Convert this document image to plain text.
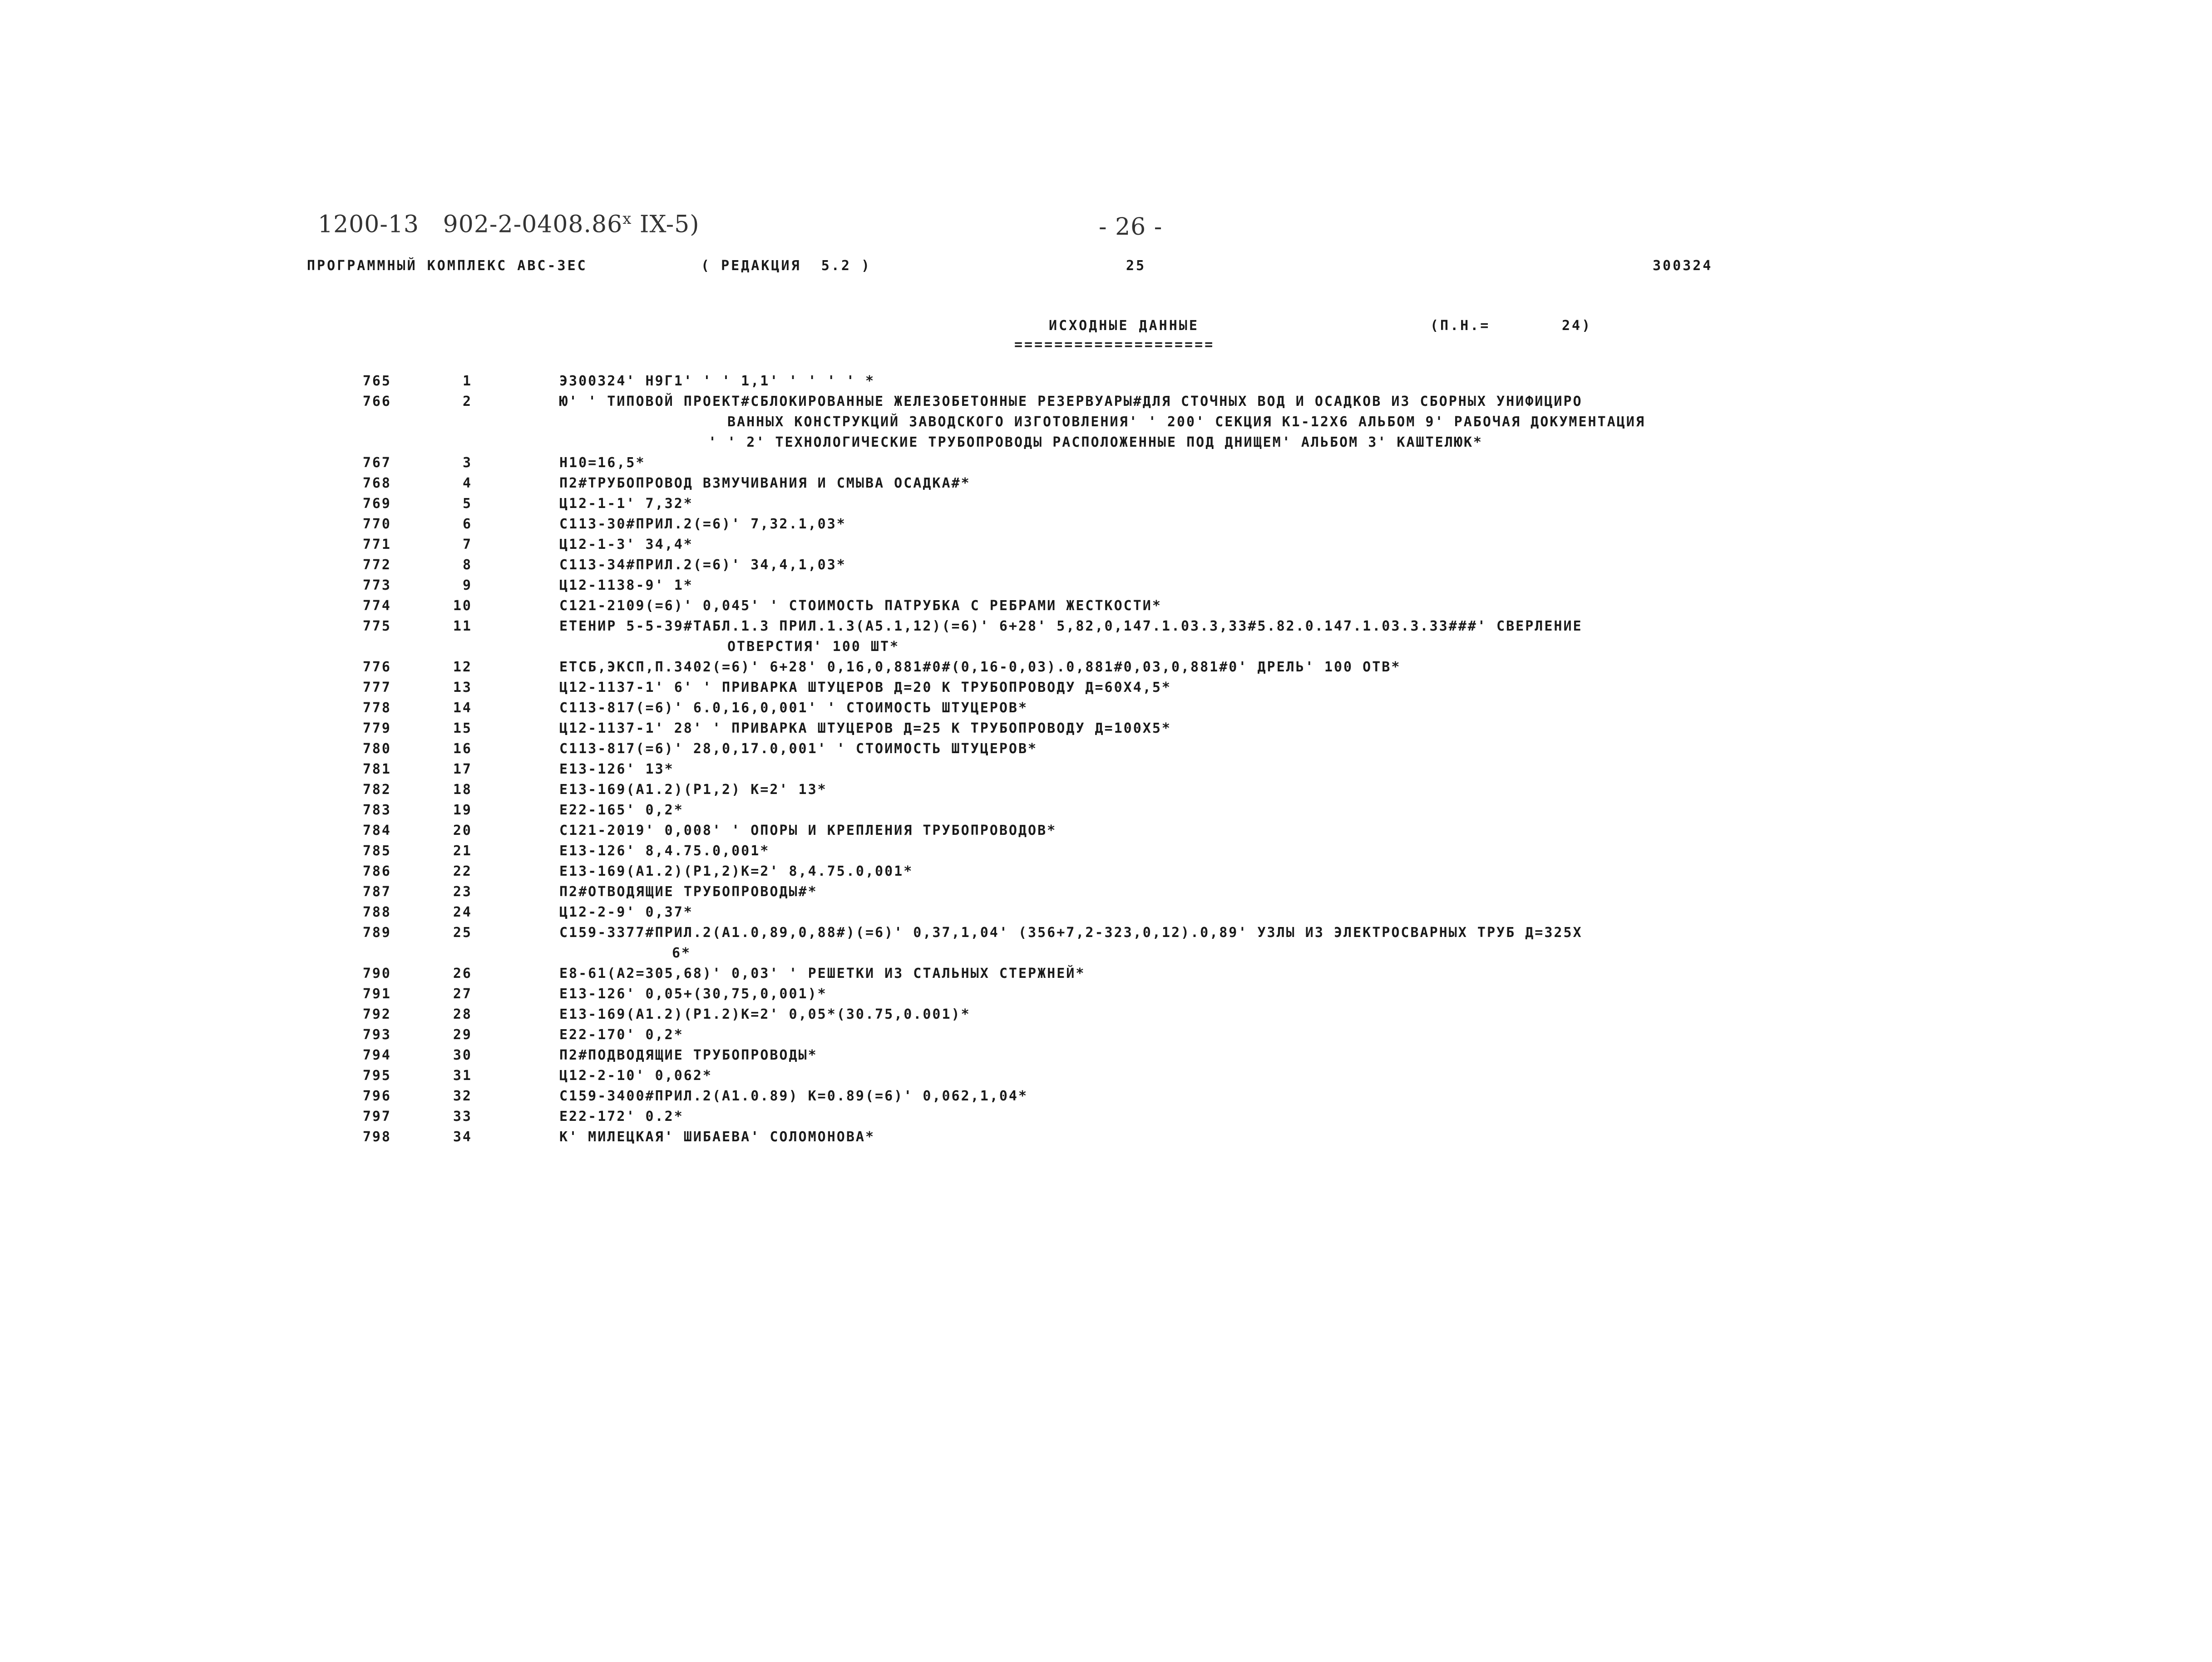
1200-13 902-2-0408.86$^x$ IX-5)	- 26 -
ПРОГРАММНЫЙ КОМПЛЕКС АВС-ЗЕС	( РЕДАКЦИЯ  5.2 )	25	300324
ИСХОДНЫЕ ДАННЫЕ
====================
(П.Н.=	24)
765	1	Э300324' Н9Г1' ' ' 1,1' ' ' ' ' *
766	2	Ю' ' ТИПОВОЙ ПРОЕКТ#СБЛОКИРОВАННЫЕ ЖЕЛЕЗОБЕТОННЫЕ РЕЗЕРВУАРЫ#ДЛЯ СТОЧНЫХ ВОД И ОСАДКОВ ИЗ СБОРНЫХ УНИФИЦИРО
ВАННЫХ КОНСТРУКЦИЙ ЗАВОДСКОГО ИЗГОТОВЛЕНИЯ' ' 200' СЕКЦИЯ К1-12Х6 АЛЬБОМ 9' РАБОЧАЯ ДОКУМЕНТАЦИЯ
' ' 2' ТЕХНОЛОГИЧЕСКИЕ ТРУБОПРОВОДЫ РАСПОЛОЖЕННЫЕ ПОД ДНИЩЕМ' АЛЬБОМ 3' КАШТЕЛЮК*
767	3	Н10=16,5*
768	4	П2#ТРУБОПРОВОД ВЗМУЧИВАНИЯ И СМЫВА ОСАДКА#*
769	5	Ц12-1-1' 7,32*
770	6	С113-30#ПРИЛ.2(=6)' 7,32.1,03*
771	7	Ц12-1-3' 34,4*
772	8	С113-34#ПРИЛ.2(=6)' 34,4,1,03*
773	9	Ц12-1138-9' 1*
774	10	С121-2109(=6)' 0,045' ' СТОИМОСТЬ ПАТРУБКА С РЕБРАМИ ЖЕСТКОСТИ*
775	11	ЕТЕНИР 5-5-39#ТАБЛ.1.3 ПРИЛ.1.3(А5.1,12)(=6)' 6+28' 5,82,0,147.1.03.3,33#5.82.0.147.1.03.3.33###' СВЕРЛЕНИЕ
ОТВЕРСТИЯ' 100 ШТ*
776	12	ЕТСБ,ЭКСП,П.3402(=6)' 6+28' 0,16,0,881#0#(0,16-0,03).0,881#0,03,0,881#0' ДРЕЛЬ' 100 ОТВ*
777	13	Ц12-1137-1' 6' ' ПРИВАРКА ШТУЦЕРОВ Д=20 К ТРУБОПРОВОДУ Д=60Х4,5*
778	14	С113-817(=6)' 6.0,16,0,001' ' СТОИМОСТЬ ШТУЦЕРОВ*
779	15	Ц12-1137-1' 28' ' ПРИВАРКА ШТУЦЕРОВ Д=25 К ТРУБОПРОВОДУ Д=100Х5*
780	16	С113-817(=6)' 28,0,17.0,001' ' СТОИМОСТЬ ШТУЦЕРОВ*
781	17	Е13-126' 13*
782	18	Е13-169(А1.2)(Р1,2) К=2' 13*
783	19	Е22-165' 0,2*
784	20	С121-2019' 0,008' ' ОПОРЫ И КРЕПЛЕНИЯ ТРУБОПРОВОДОВ*
785	21	Е13-126' 8,4.75.0,001*
786	22	Е13-169(А1.2)(Р1,2)К=2' 8,4.75.0,001*
787	23	П2#ОТВОДЯЩИЕ ТРУБОПРОВОДЫ#*
788	24	Ц12-2-9' 0,37*
789	25	С159-3377#ПРИЛ.2(А1.0,89,0,88#)(=6)' 0,37,1,04' (356+7,2-323,0,12).0,89' УЗЛЫ ИЗ ЭЛЕКТРОСВАРНЫХ ТРУБ Д=325Х
6*
790	26	Е8-61(А2=305,68)' 0,03' ' РЕШЕТКИ ИЗ СТАЛЬНЫХ СТЕРЖНЕЙ*
791	27	Е13-126' 0,05+(30,75,0,001)*
792	28	Е13-169(А1.2)(Р1.2)К=2' 0,05*(30.75,0.001)*
793	29	Е22-170' 0,2*
794	30	П2#ПОДВОДЯЩИЕ ТРУБОПРОВОДЫ*
795	31	Ц12-2-10' 0,062*
796	32	С159-3400#ПРИЛ.2(А1.0.89) К=0.89(=6)' 0,062,1,04*
797	33	Е22-172' 0.2*
798	34	К' МИЛЕЦКАЯ' ШИБАЕВА' СОЛОМОНОВА*
